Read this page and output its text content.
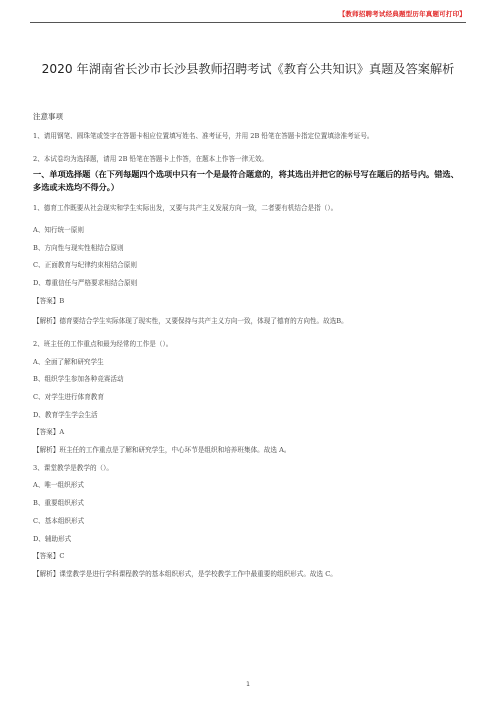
【教师招聘考试经典题型历年真题可打印】
2020 年湖南省长沙市长沙县教师招聘考试《教育公共知识》真题及答案解析
注意事项
1、请用钢笔、圆珠笔或签字在答题卡相应位置填写姓名、准考证号，并用 2B 铅笔在答题卡指定位置填涂准考证号。
2、本试卷均为选择题，请用 2B 铅笔在答题卡上作答，在题本上作答一律无效。
一、单项选择题（在下列每题四个选项中只有一个是最符合题意的，将其选出并把它的标号写在题后的括号内。错选、多选或未选均不得分。）
1、德育工作既要从社会现实和学生实际出发，又要与共产主义发展方向一致，二者要有机结合是指（）。
A、知行统一原则
B、方向性与现实性相结合原则
C、正面教育与纪律约束相结合原则
D、尊重信任与严格要求相结合原则
【答案】B
【解析】德育要结合学生实际体现了现实性，又要保持与共产主义方向一致，体现了德育的方向性。故选B。
2、班主任的工作重点和最为经常的工作是（）。
A、全面了解和研究学生
B、组织学生参加各种竞赛活动
C、对学生进行体育教育
D、教育学生学会生活
【答案】A
【解析】班主任的工作重点是了解和研究学生，中心环节是组织和培养班集体。故选 A。
3、课堂教学是教学的（）。
A、唯一组织形式
B、重要组织形式
C、基本组织形式
D、辅助形式
【答案】C
【解析】课堂教学是进行学科课程教学的基本组织形式，是学校教学工作中最重要的组织形式。故选 C。
1
